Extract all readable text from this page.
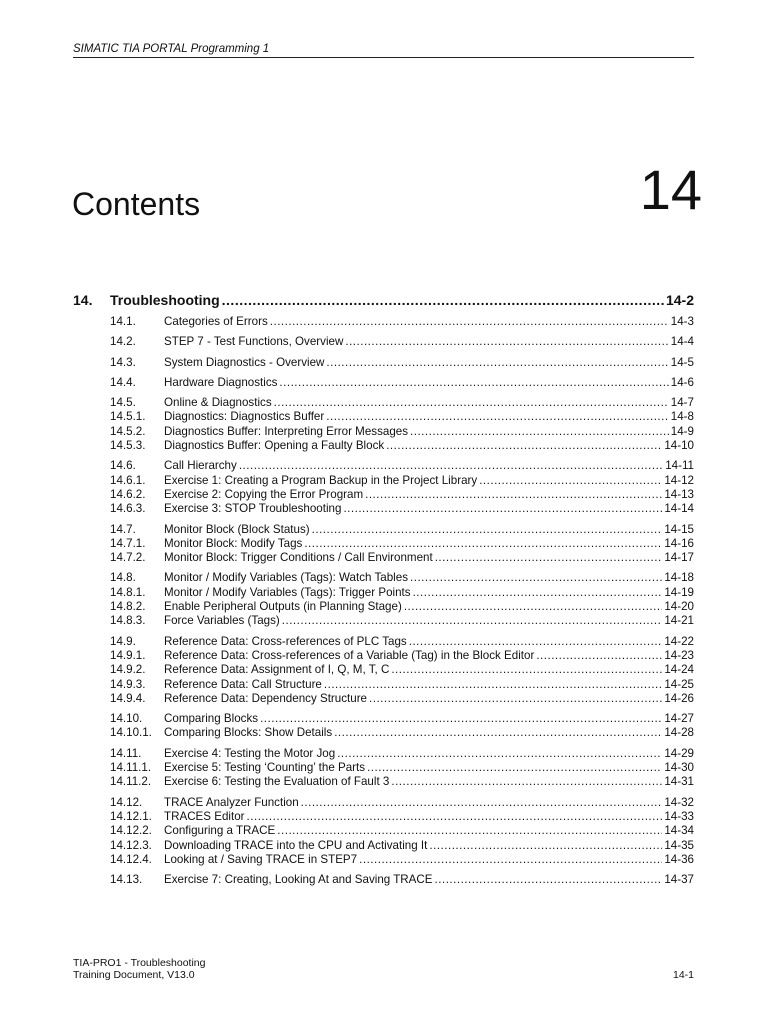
SIMATIC TIA PORTAL Programming 1
Contents	14
14.	Troubleshooting .....	14-2
14.1.	Categories of Errors .....	14-3
14.2.	STEP 7 - Test Functions, Overview .....	14-4
14.3.	System Diagnostics - Overview .....	14-5
14.4.	Hardware Diagnostics .....	14-6
14.5.	Online & Diagnostics .....	14-7
14.5.1.	Diagnostics: Diagnostics Buffer .....	14-8
14.5.2.	Diagnostics Buffer: Interpreting Error Messages .....	14-9
14.5.3.	Diagnostics Buffer: Opening a Faulty Block .....	14-10
14.6.	Call Hierarchy .....	14-11
14.6.1.	Exercise 1: Creating a Program Backup in the Project Library .....	14-12
14.6.2.	Exercise 2: Copying the Error Program .....	14-13
14.6.3.	Exercise 3: STOP Troubleshooting .....	14-14
14.7.	Monitor Block (Block Status) .....	14-15
14.7.1.	Monitor Block: Modify Tags .....	14-16
14.7.2.	Monitor Block: Trigger Conditions / Call Environment .....	14-17
14.8.	Monitor / Modify Variables (Tags): Watch Tables .....	14-18
14.8.1.	Monitor / Modify Variables (Tags): Trigger Points .....	14-19
14.8.2.	Enable Peripheral Outputs (in Planning Stage) .....	14-20
14.8.3.	Force Variables (Tags) .....	14-21
14.9.	Reference Data: Cross-references of PLC Tags .....	14-22
14.9.1.	Reference Data: Cross-references of a Variable (Tag) in the Block Editor .....	14-23
14.9.2.	Reference Data: Assignment of I, Q, M, T, C .....	14-24
14.9.3.	Reference Data: Call Structure .....	14-25
14.9.4.	Reference Data: Dependency Structure .....	14-26
14.10.	Comparing Blocks .....	14-27
14.10.1.	Comparing Blocks: Show Details .....	14-28
14.11.	Exercise 4: Testing the Motor Jog .....	14-29
14.11.1.	Exercise 5: Testing ‘Counting’ the Parts .....	14-30
14.11.2.	Exercise 6: Testing the Evaluation of Fault 3 .....	14-31
14.12.	TRACE Analyzer Function .....	14-32
14.12.1.	TRACES Editor .....	14-33
14.12.2.	Configuring a TRACE .....	14-34
14.12.3.	Downloading TRACE into the CPU and Activating It .....	14-35
14.12.4.	Looking at / Saving TRACE in STEP7 .....	14-36
14.13.	Exercise 7: Creating, Looking At and Saving TRACE .....	14-37
TIA-PRO1 - Troubleshooting
Training Document, V13.0	14-1
